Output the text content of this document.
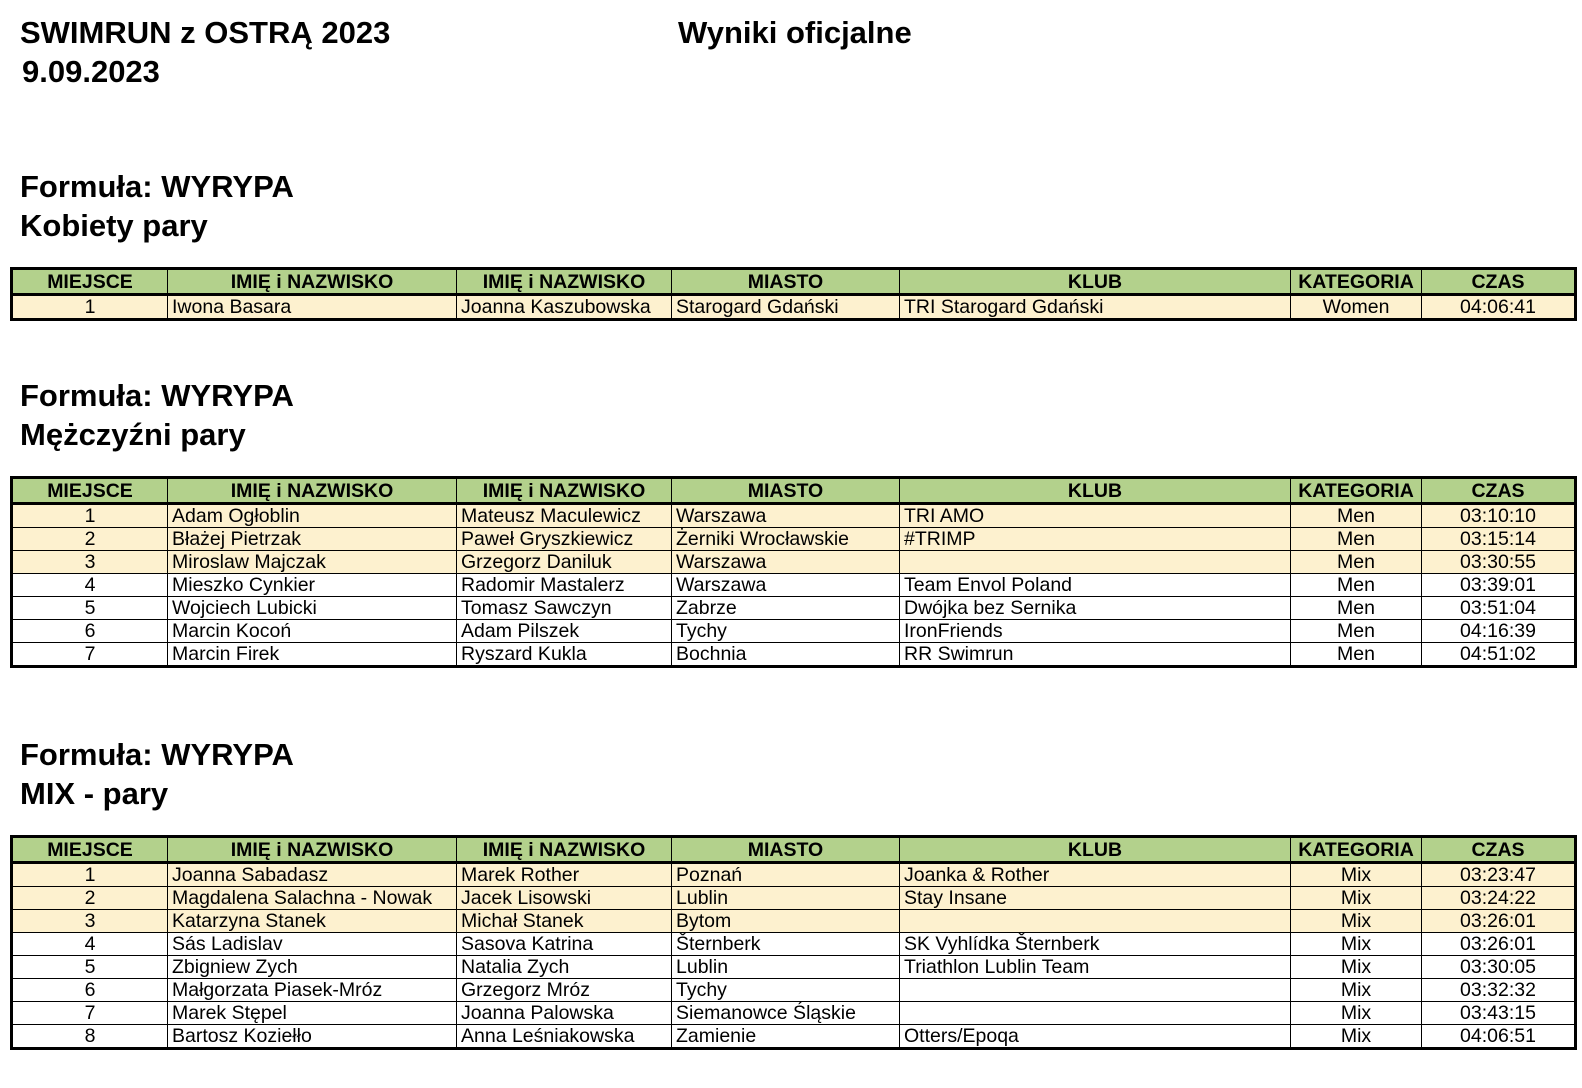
SWIMRUN z OSTRĄ 2023
9.09.2023
Wyniki oficjalne
Formuła: WYRYPA
Kobiety pary
MIEJSCE	IMIĘ i NAZWISKO	IMIĘ i NAZWISKO	MIASTO	KLUB	KATEGORIA	CZAS
1	Iwona Basara	Joanna Kaszubowska	Starogard Gdański	TRI Starogard Gdański	Women	04:06:41
Formuła: WYRYPA
Mężczyźni pary
MIEJSCE	IMIĘ i NAZWISKO	IMIĘ i NAZWISKO	MIASTO	KLUB	KATEGORIA	CZAS
1	Adam Ogłoblin	Mateusz Maculewicz	Warszawa	TRI AMO	Men	03:10:10
2	Błażej Pietrzak	Paweł Gryszkiewicz	Żerniki Wrocławskie	#TRIMP	Men	03:15:14
3	Miroslaw Majczak	Grzegorz Daniluk	Warszawa		Men	03:30:55
4	Mieszko Cynkier	Radomir Mastalerz	Warszawa	Team Envol Poland	Men	03:39:01
5	Wojciech Lubicki	Tomasz Sawczyn	Zabrze	Dwójka bez Sernika	Men	03:51:04
6	Marcin Kocoń	Adam Pilszek	Tychy	IronFriends	Men	04:16:39
7	Marcin Firek	Ryszard Kukla	Bochnia	RR Swimrun	Men	04:51:02
Formuła: WYRYPA
MIX - pary
MIEJSCE	IMIĘ i NAZWISKO	IMIĘ i NAZWISKO	MIASTO	KLUB	KATEGORIA	CZAS
1	Joanna Sabadasz	Marek Rother	Poznań	Joanka & Rother	Mix	03:23:47
2	Magdalena Salachna - Nowak	Jacek Lisowski	Lublin	Stay Insane	Mix	03:24:22
3	Katarzyna Stanek	Michał Stanek	Bytom		Mix	03:26:01
4	Sás Ladislav	Sasova Katrina	Šternberk	SK Vyhlídka Šternberk	Mix	03:26:01
5	Zbigniew Zych	Natalia Zych	Lublin	Triathlon Lublin Team	Mix	03:30:05
6	Małgorzata Piasek-Mróz	Grzegorz Mróz	Tychy		Mix	03:32:32
7	Marek Stępel	Joanna Palowska	Siemanowce Śląskie		Mix	03:43:15
8	Bartosz Koziełło	Anna Leśniakowska	Zamienie	Otters/Epoqa	Mix	04:06:51
